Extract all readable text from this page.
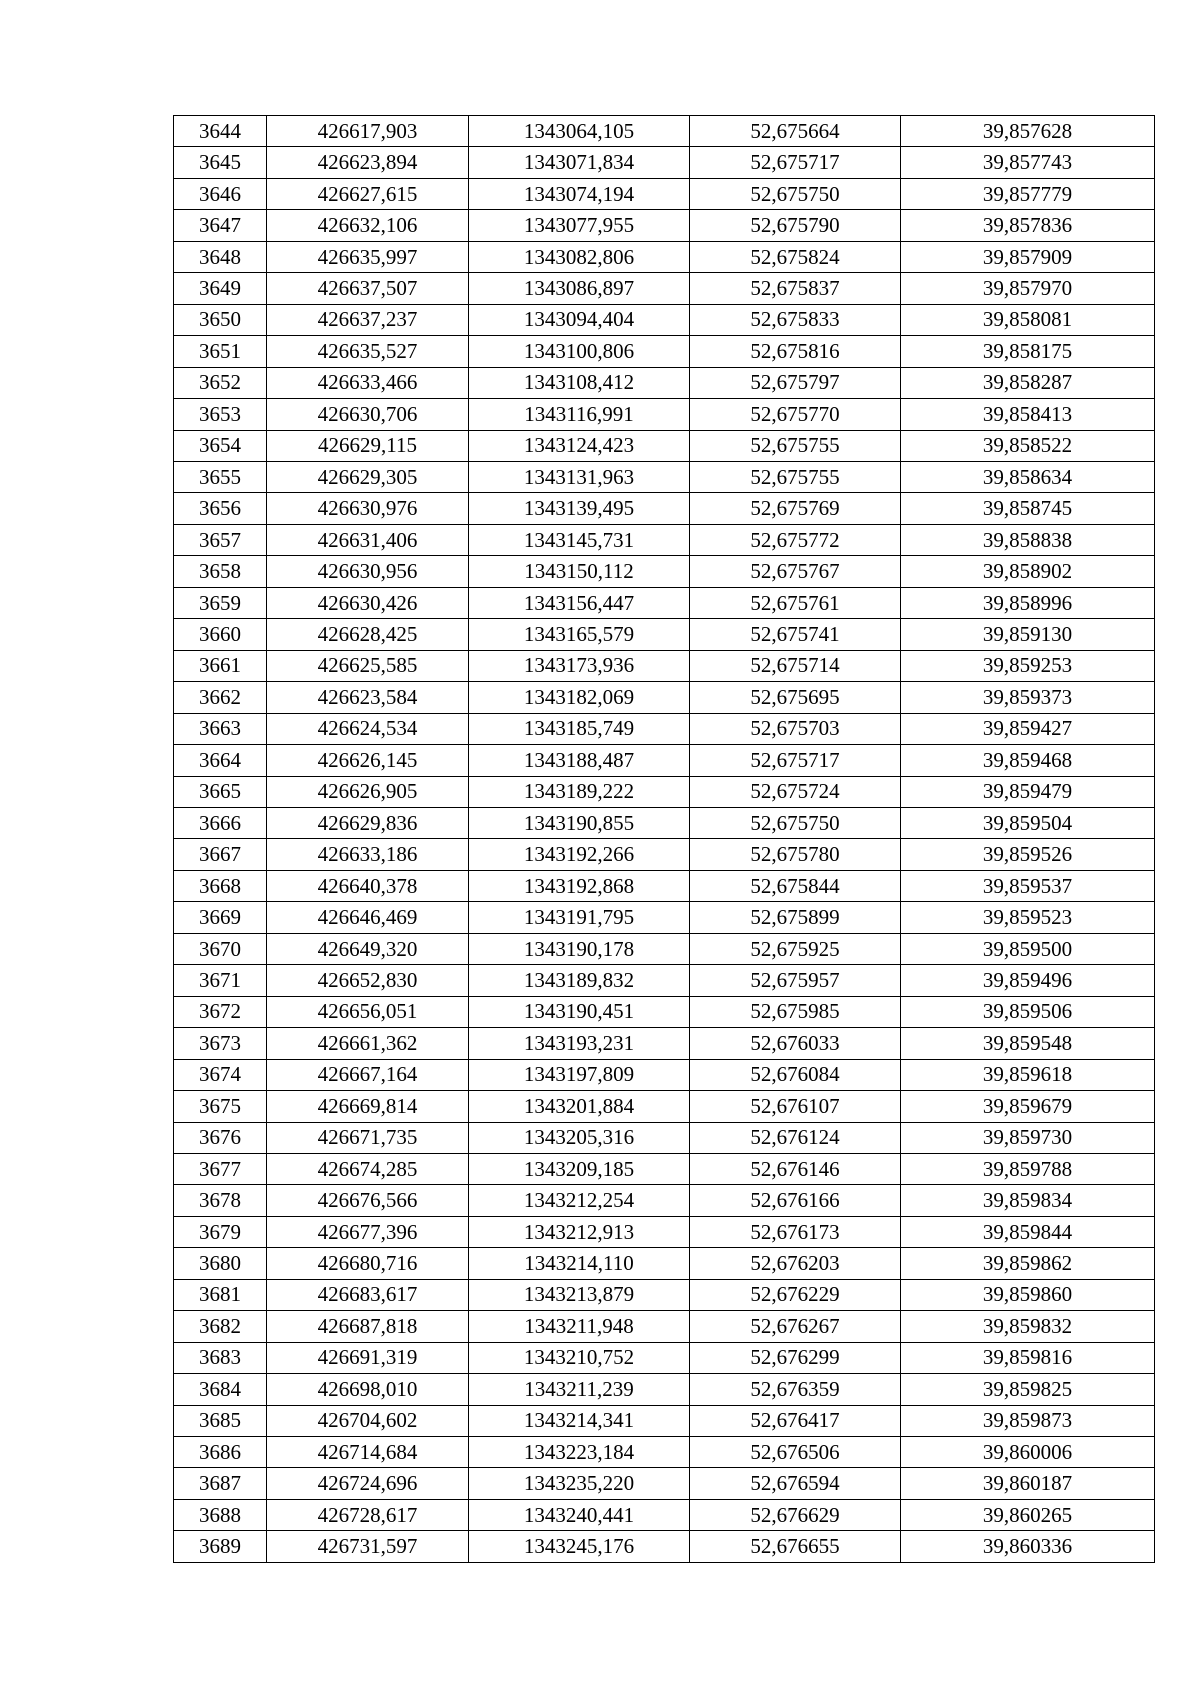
3644	426617,903	1343064,105	52,675664	39,857628
3645	426623,894	1343071,834	52,675717	39,857743
3646	426627,615	1343074,194	52,675750	39,857779
3647	426632,106	1343077,955	52,675790	39,857836
3648	426635,997	1343082,806	52,675824	39,857909
3649	426637,507	1343086,897	52,675837	39,857970
3650	426637,237	1343094,404	52,675833	39,858081
3651	426635,527	1343100,806	52,675816	39,858175
3652	426633,466	1343108,412	52,675797	39,858287
3653	426630,706	1343116,991	52,675770	39,858413
3654	426629,115	1343124,423	52,675755	39,858522
3655	426629,305	1343131,963	52,675755	39,858634
3656	426630,976	1343139,495	52,675769	39,858745
3657	426631,406	1343145,731	52,675772	39,858838
3658	426630,956	1343150,112	52,675767	39,858902
3659	426630,426	1343156,447	52,675761	39,858996
3660	426628,425	1343165,579	52,675741	39,859130
3661	426625,585	1343173,936	52,675714	39,859253
3662	426623,584	1343182,069	52,675695	39,859373
3663	426624,534	1343185,749	52,675703	39,859427
3664	426626,145	1343188,487	52,675717	39,859468
3665	426626,905	1343189,222	52,675724	39,859479
3666	426629,836	1343190,855	52,675750	39,859504
3667	426633,186	1343192,266	52,675780	39,859526
3668	426640,378	1343192,868	52,675844	39,859537
3669	426646,469	1343191,795	52,675899	39,859523
3670	426649,320	1343190,178	52,675925	39,859500
3671	426652,830	1343189,832	52,675957	39,859496
3672	426656,051	1343190,451	52,675985	39,859506
3673	426661,362	1343193,231	52,676033	39,859548
3674	426667,164	1343197,809	52,676084	39,859618
3675	426669,814	1343201,884	52,676107	39,859679
3676	426671,735	1343205,316	52,676124	39,859730
3677	426674,285	1343209,185	52,676146	39,859788
3678	426676,566	1343212,254	52,676166	39,859834
3679	426677,396	1343212,913	52,676173	39,859844
3680	426680,716	1343214,110	52,676203	39,859862
3681	426683,617	1343213,879	52,676229	39,859860
3682	426687,818	1343211,948	52,676267	39,859832
3683	426691,319	1343210,752	52,676299	39,859816
3684	426698,010	1343211,239	52,676359	39,859825
3685	426704,602	1343214,341	52,676417	39,859873
3686	426714,684	1343223,184	52,676506	39,860006
3687	426724,696	1343235,220	52,676594	39,860187
3688	426728,617	1343240,441	52,676629	39,860265
3689	426731,597	1343245,176	52,676655	39,860336
